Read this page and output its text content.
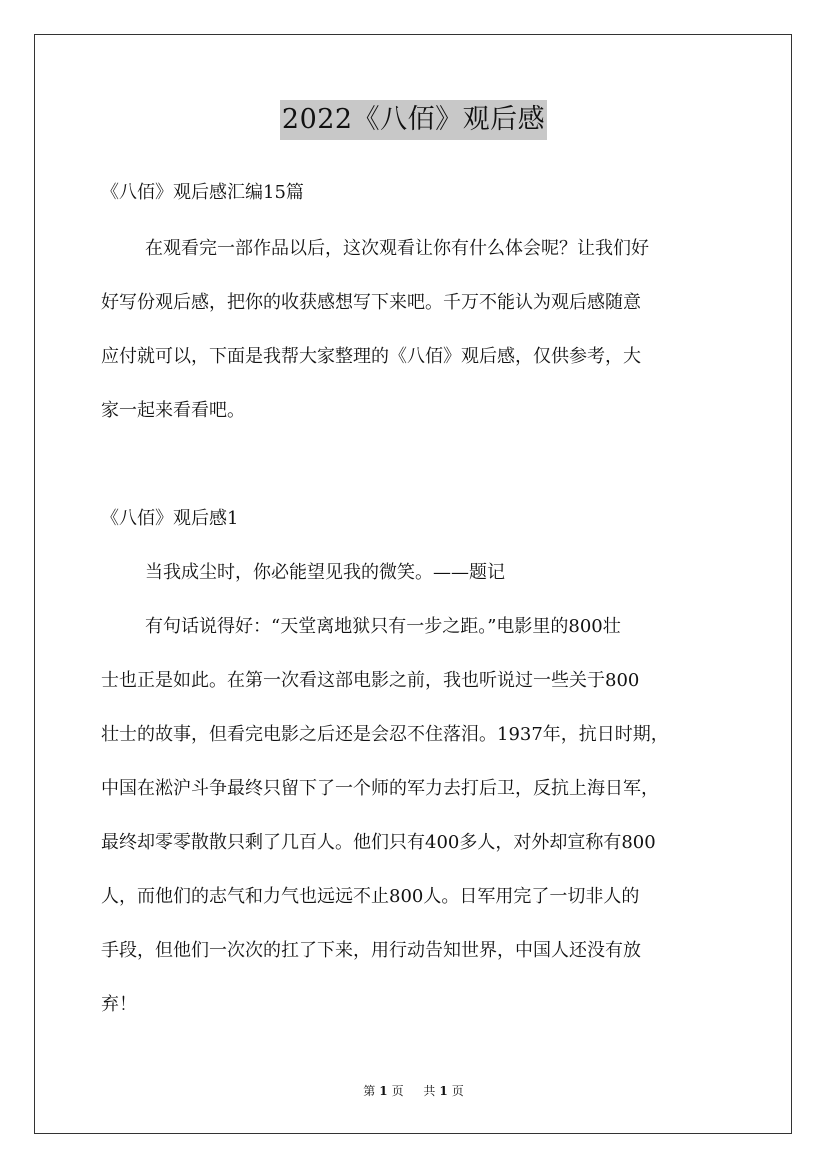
2022《八佰》观后感
《八佰》观后感汇编15篇
在观看完一部作品以后，这次观看让你有什么体会呢？让我们好
好写份观后感，把你的收获感想写下来吧。千万不能认为观后感随意
应付就可以，下面是我帮大家整理的《八佰》观后感，仅供参考，大
家一起来看看吧。
《八佰》观后感1
当我成尘时，你必能望见我的微笑。——题记
有句话说得好：“天堂离地狱只有一步之距。”电影里的800壮
士也正是如此。在第一次看这部电影之前，我也听说过一些关于800
壮士的故事，但看完电影之后还是会忍不住落泪。1937年，抗日时期，
中国在淞沪斗争最终只留下了一个师的军力去打后卫，反抗上海日军，
最终却零零散散只剩了几百人。他们只有400多人，对外却宣称有800
人，而他们的志气和力气也远远不止800人。日军用完了一切非人的
手段，但他们一次次的扛了下来，用行动告知世界，中国人还没有放
弃！
第 1 页 共 1 页
